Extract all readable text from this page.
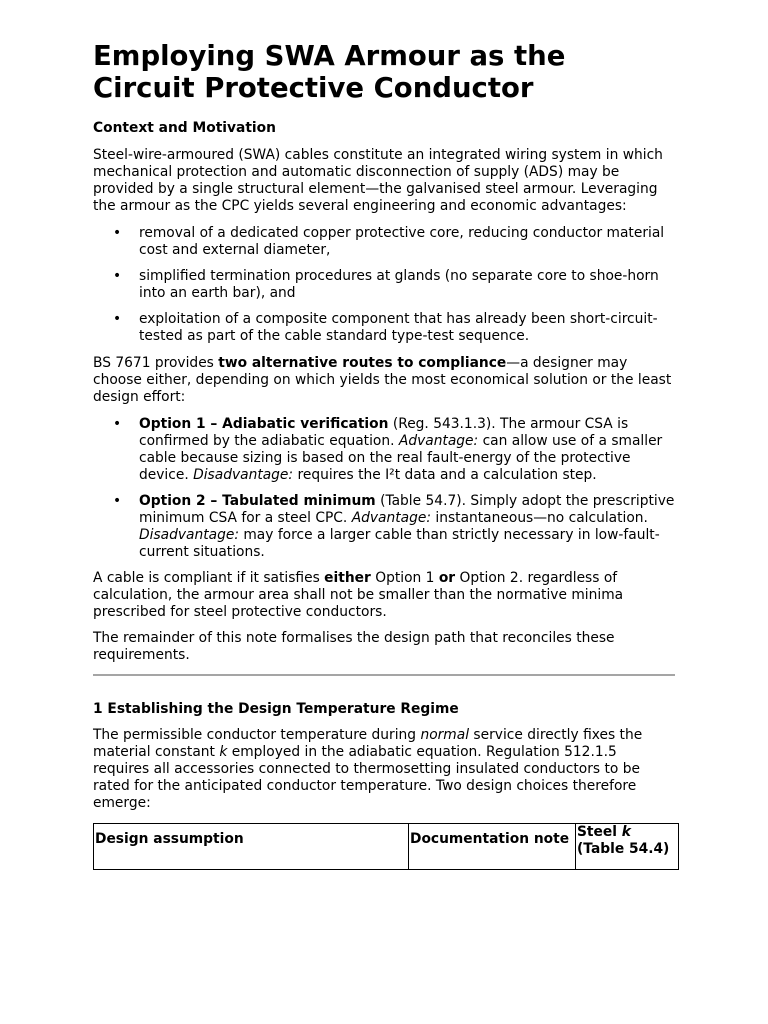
Employing SWA Armour as the Circuit Protective Conductor
Context and Motivation

Steel-wire-armoured (SWA) cables constitute an integrated wiring system in which mechanical protection and automatic disconnection of supply (ADS) may be provided by a single structural element—the galvanised steel armour. Leveraging the armour as the CPC yields several engineering and economic advantages:

• removal of a dedicated copper protective core, reducing conductor material cost and external diameter,
• simplified termination procedures at glands (no separate core to shoe-horn into an earth bar), and
• exploitation of a composite component that has already been short-circuit-tested as part of the cable standard type-test sequence.

BS 7671 provides two alternative routes to compliance—a designer may choose either, depending on which yields the most economical solution or the least design effort:

• Option 1 – Adiabatic verification (Reg. 543.1.3). The armour CSA is confirmed by the adiabatic equation. Advantage: can allow use of a smaller cable because sizing is based on the real fault-energy of the protective device. Disadvantage: requires the I²t data and a calculation step.
• Option 2 – Tabulated minimum (Table 54.7). Simply adopt the prescriptive minimum CSA for a steel CPC. Advantage: instantaneous—no calculation. Disadvantage: may force a larger cable than strictly necessary in low-fault-current situations.

A cable is compliant if it satisfies either Option 1 or Option 2. regardless of calculation, the armour area shall not be smaller than the normative minima prescribed for steel protective conductors.

The remainder of this note formalises the design path that reconciles these requirements.

1 Establishing the Design Temperature Regime

The permissible conductor temperature during normal service directly fixes the material constant k employed in the adiabatic equation. Regulation 512.1.5 requires all accessories connected to thermosetting insulated conductors to be rated for the anticipated conductor temperature. Two design choices therefore emerge:

Design assumption	Documentation note	Steel k
(Table 54.4)
